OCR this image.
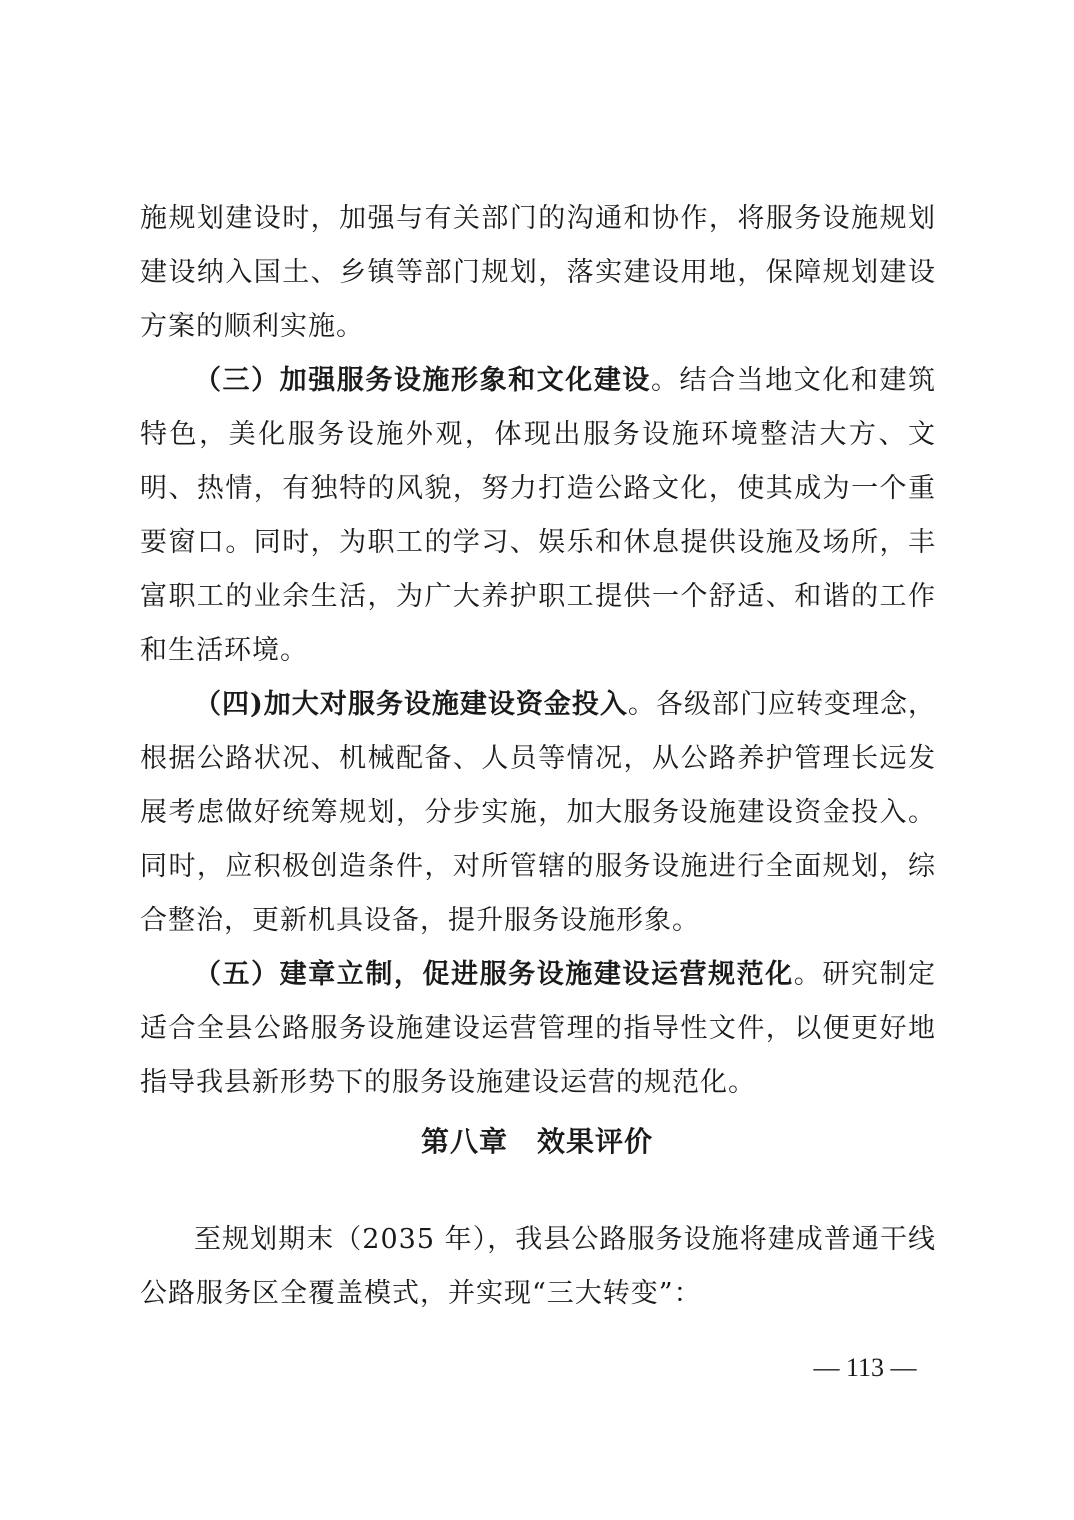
施规划建设时，加强与有关部门的沟通和协作，将服务设施规划建设纳入国土、乡镇等部门规划，落实建设用地，保障规划建设方案的顺利实施。

（三）加强服务设施形象和文化建设。结合当地文化和建筑特色，美化服务设施外观，体现出服务设施环境整洁大方、文明、热情，有独特的风貌，努力打造公路文化，使其成为一个重要窗口。同时，为职工的学习、娱乐和休息提供设施及场所，丰富职工的业余生活，为广大养护职工提供一个舒适、和谐的工作和生活环境。

（四)加大对服务设施建设资金投入。各级部门应转变理念，根据公路状况、机械配备、人员等情况，从公路养护管理长远发展考虑做好统筹规划，分步实施，加大服务设施建设资金投入。同时，应积极创造条件，对所管辖的服务设施进行全面规划，综合整治，更新机具设备，提升服务设施形象。

（五）建章立制，促进服务设施建设运营规范化。研究制定适合全县公路服务设施建设运营管理的指导性文件，以便更好地指导我县新形势下的服务设施建设运营的规范化。

第八章　效果评价

至规划期末（2035 年），我县公路服务设施将建成普通干线公路服务区全覆盖模式，并实现“三大转变”：

— 113 —
